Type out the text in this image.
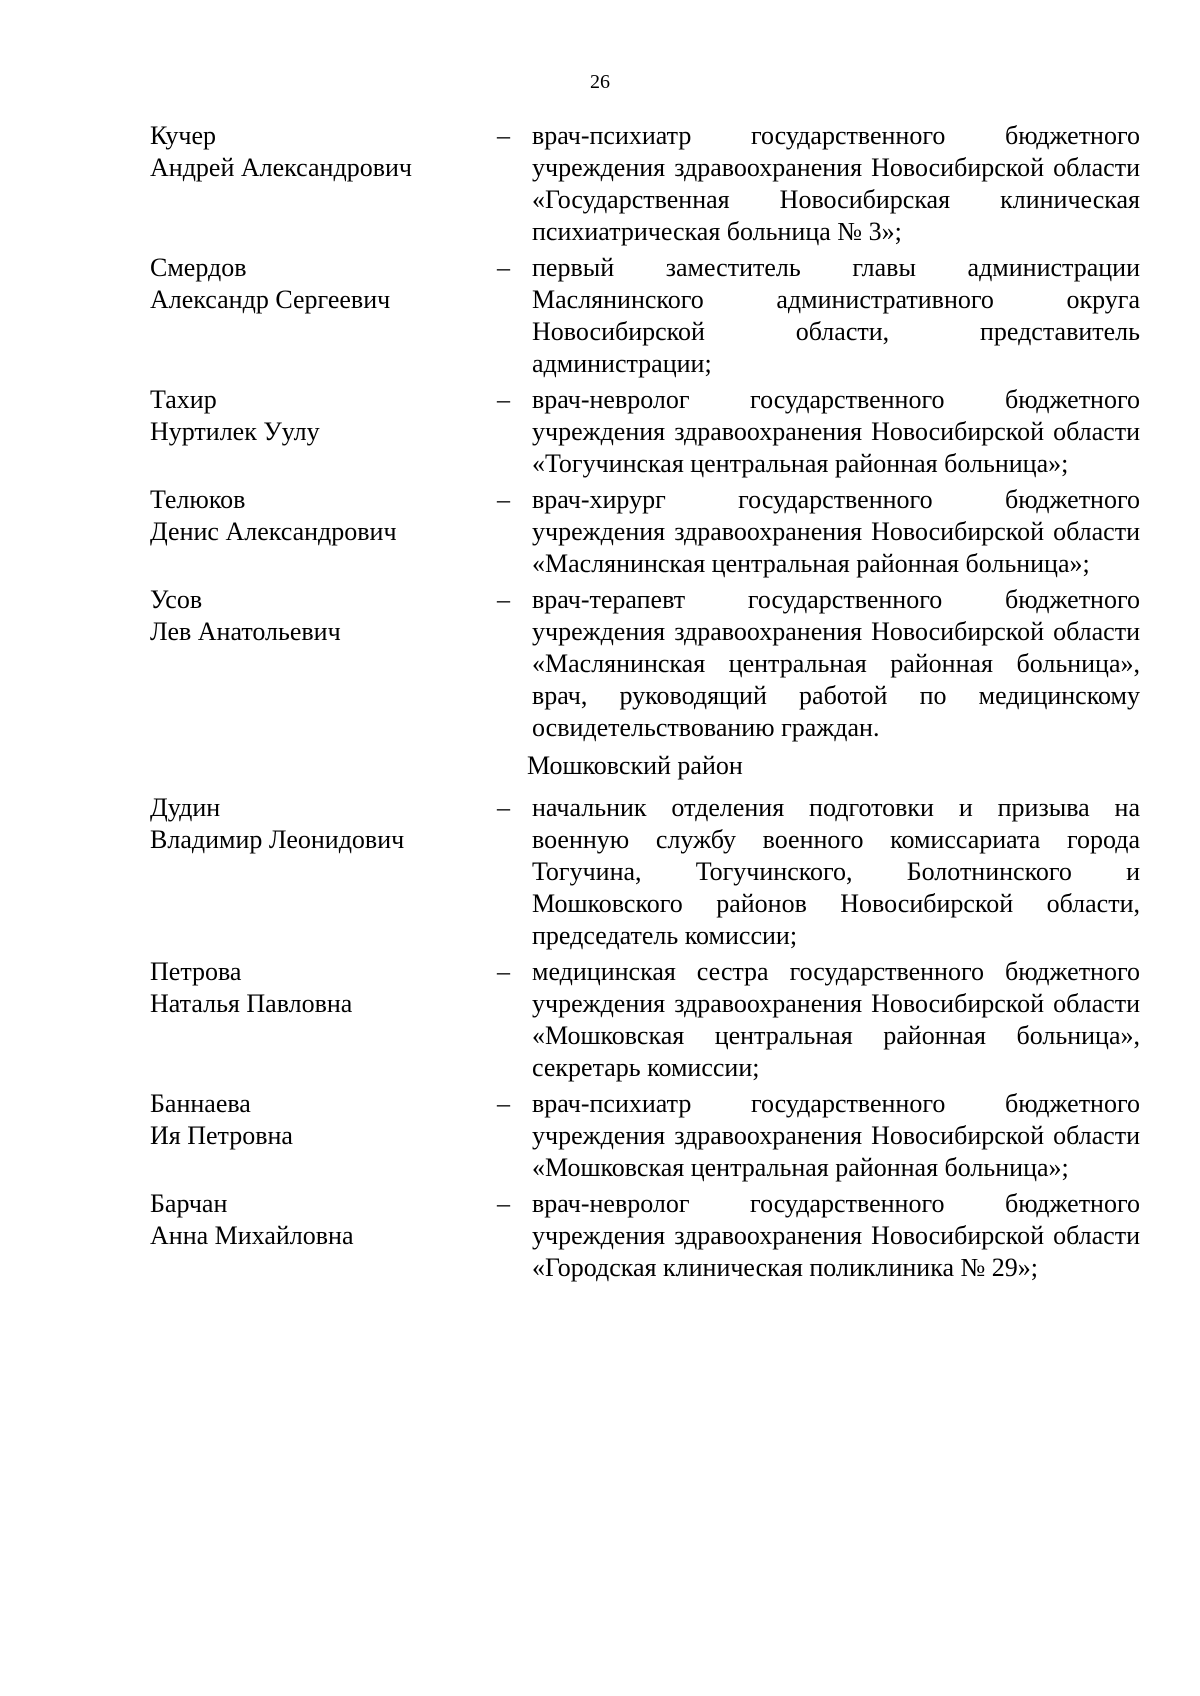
26
Кучер
Андрей Александрович
– врач-психиатр государственного бюджетного учреждения здравоохранения Новосибирской области «Государственная Новосибирская клиническая психиатрическая больница № 3»;
Смердов
Александр Сергеевич
– первый заместитель главы администрации Маслянинского административного округа Новосибирской области, представитель администрации;
Тахир
Нуртилек Уулу
– врач-невролог государственного бюджетного учреждения здравоохранения Новосибирской области «Тогучинская центральная районная больница»;
Телюков
Денис Александрович
– врач-хирург государственного бюджетного учреждения здравоохранения Новосибирской области «Маслянинская центральная районная больница»;
Усов
Лев Анатольевич
– врач-терапевт государственного бюджетного учреждения здравоохранения Новосибирской области «Маслянинская центральная районная больница», врач, руководящий работой по медицинскому освидетельствованию граждан.
Мошковский район
Дудин
Владимир Леонидович
– начальник отделения подготовки и призыва на военную службу военного комиссариата города Тогучина, Тогучинского, Болотнинского и Мошковского районов Новосибирской области, председатель комиссии;
Петрова
Наталья Павловна
– медицинская сестра государственного бюджетного учреждения здравоохранения Новосибирской области «Мошковская центральная районная больница», секретарь комиссии;
Баннаева
Ия Петровна
– врач-психиатр государственного бюджетного учреждения здравоохранения Новосибирской области «Мошковская центральная районная больница»;
Барчан
Анна Михайловна
– врач-невролог государственного бюджетного учреждения здравоохранения Новосибирской области «Городская клиническая поликлиника № 29»;
